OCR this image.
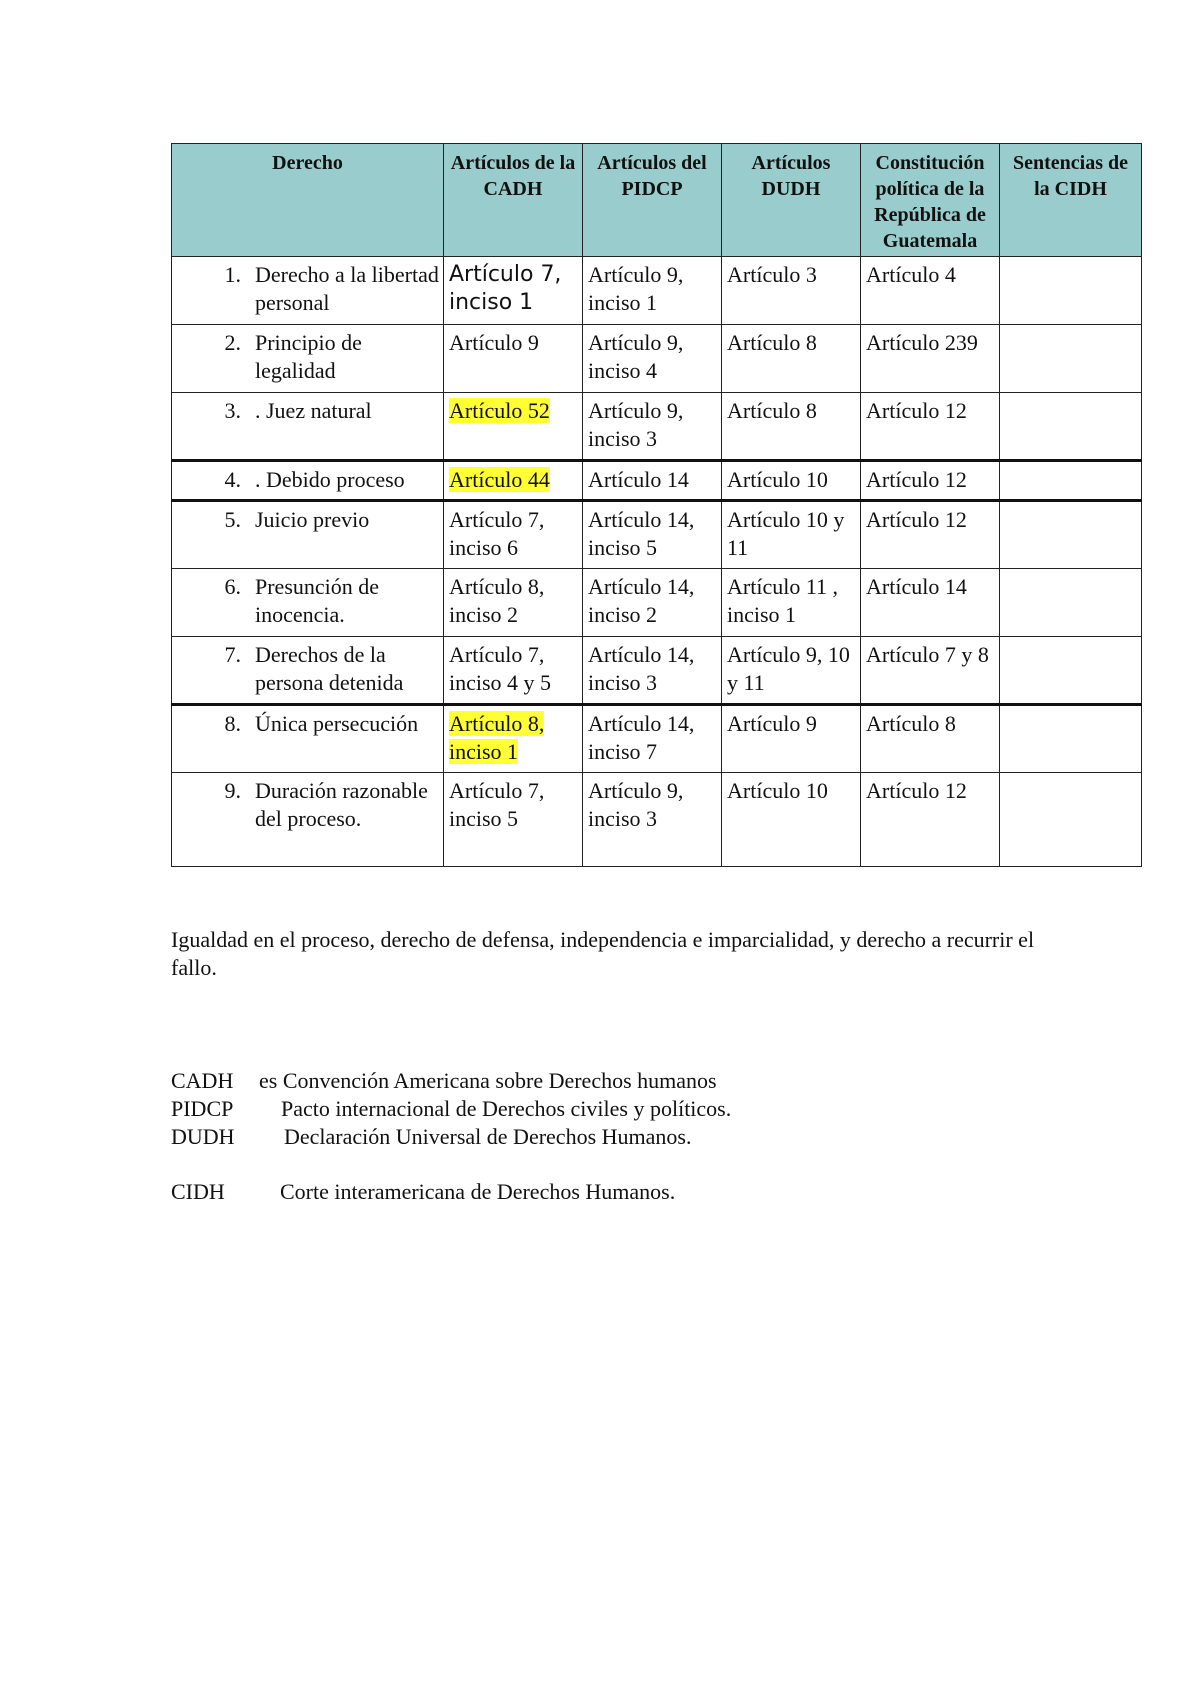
Derecho	Artículos de la CADH	Artículos del PIDCP	Artículos DUDH	Constitución política de la República de Guatemala	Sentencias de la CIDH

1. Derecho a la libertad personal	Artículo 7, inciso 1	Artículo 9, inciso 1	Artículo 3	Artículo 4	

2. Principio de legalidad	Artículo 9	Artículo 9, inciso 4	Artículo 8	Artículo 239	

3. . Juez natural	Artículo 52	Artículo 9, inciso 3	Artículo 8	Artículo 12	

4. . Debido proceso	Artículo 44	Artículo 14	Artículo 10	Artículo 12	

5. Juicio previo	Artículo 7, inciso 6	Artículo 14, inciso 5	Artículo 10 y 11	Artículo 12	

6. Presunción de inocencia.	Artículo 8, inciso 2	Artículo 14, inciso 2	Artículo 11 , inciso 1	Artículo 14	

7. Derechos de la persona detenida	Artículo 7, inciso 4 y 5	Artículo 14, inciso 3	Artículo 9, 10 y 11	Artículo 7 y 8	

8. Única persecución	Artículo 8, inciso 1	Artículo 14, inciso 7	Artículo 9	Artículo 8	

9. Duración razonable del proceso.	Artículo 7, inciso 5	Artículo 9, inciso 3	Artículo 10	Artículo 12	

Igualdad en el proceso, derecho de defensa, independencia e imparcialidad, y derecho a recurrir el fallo.

CADH	es Convención Americana sobre Derechos humanos
PIDCP	Pacto internacional de Derechos civiles y políticos.
DUDH	Declaración Universal de Derechos Humanos.
CIDH	Corte interamericana de Derechos Humanos.
